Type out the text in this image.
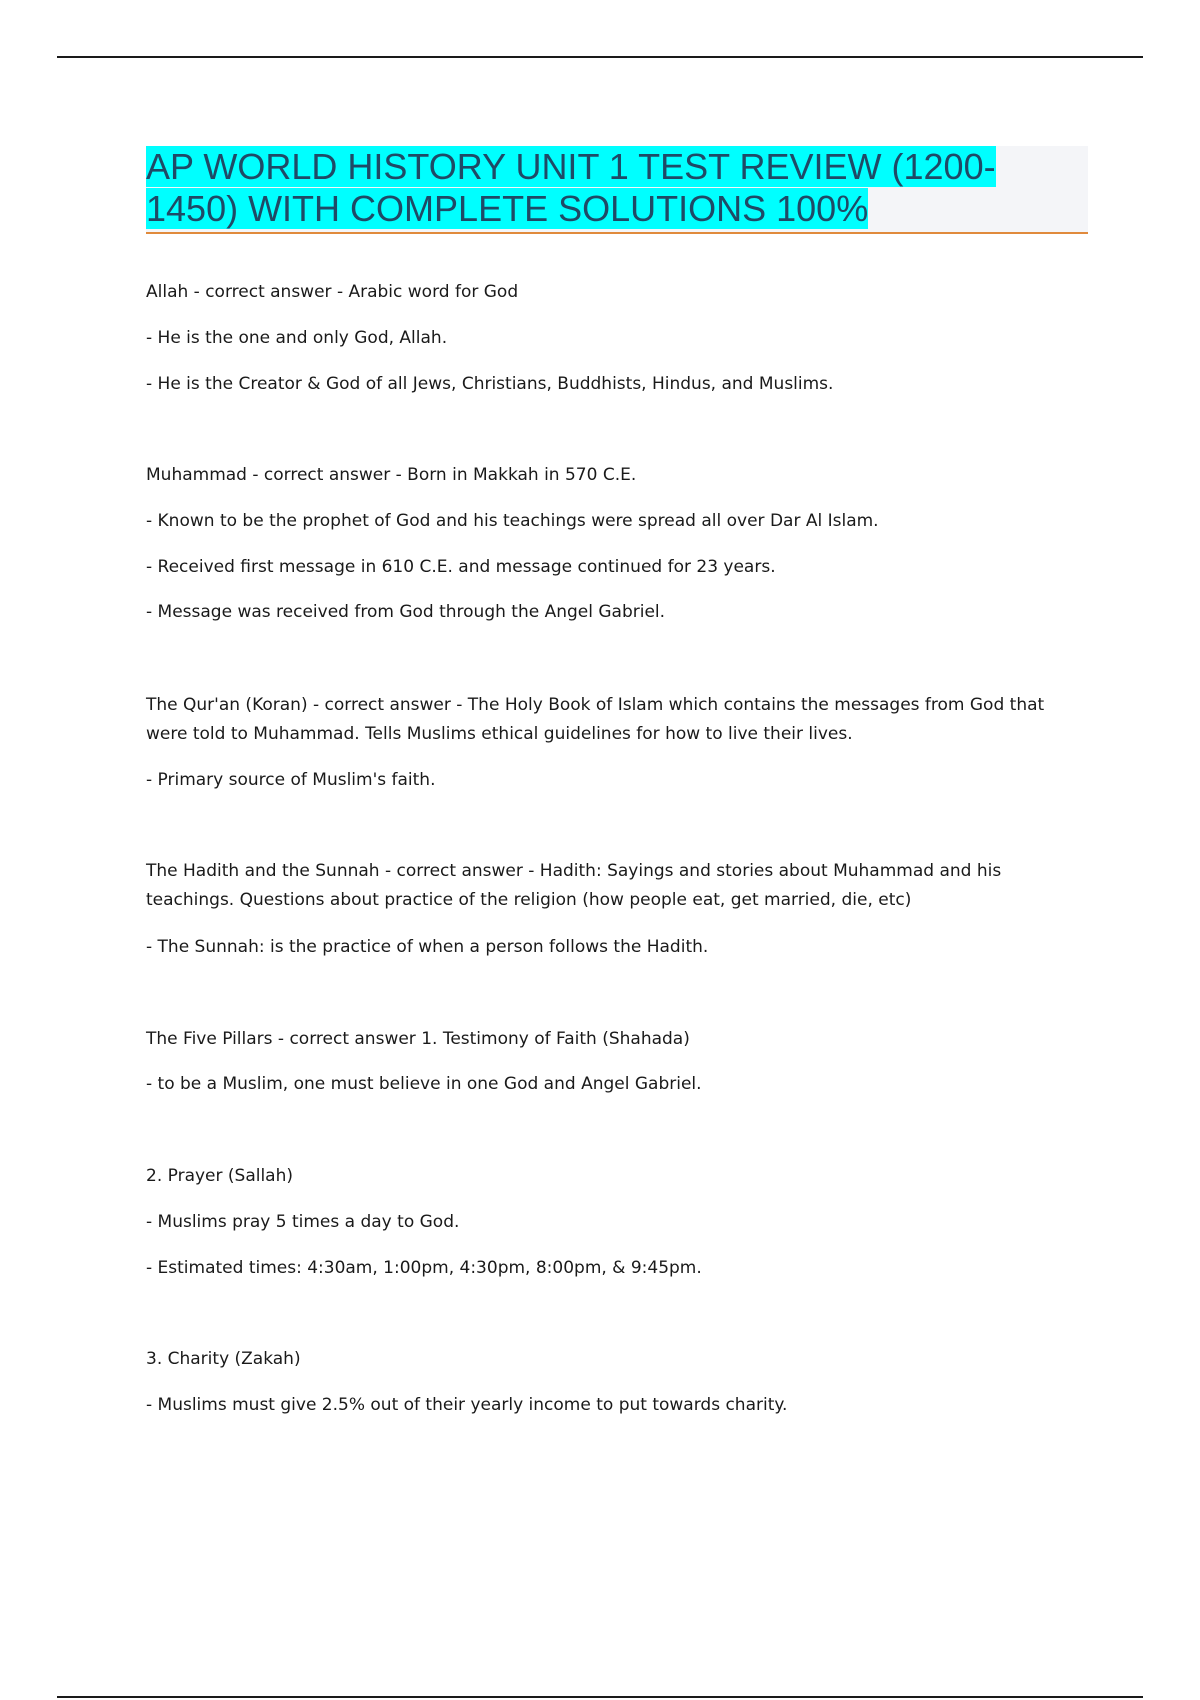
AP WORLD HISTORY UNIT 1 TEST REVIEW (1200-1450) WITH COMPLETE SOLUTIONS 100%
Allah - correct answer - Arabic word for God
- He is the one and only God, Allah.
- He is the Creator & God of all Jews, Christians, Buddhists, Hindus, and Muslims.
Muhammad - correct answer - Born in Makkah in 570 C.E.
- Known to be the prophet of God and his teachings were spread all over Dar Al Islam.
- Received first message in 610 C.E. and message continued for 23 years.
- Message was received from God through the Angel Gabriel.
The Qur'an (Koran) - correct answer - The Holy Book of Islam which contains the messages from God that were told to Muhammad. Tells Muslims ethical guidelines for how to live their lives.
- Primary source of Muslim's faith.
The Hadith and the Sunnah - correct answer - Hadith: Sayings and stories about Muhammad and his teachings. Questions about practice of the religion (how people eat, get married, die, etc)
- The Sunnah: is the practice of when a person follows the Hadith.
The Five Pillars - correct answer 1. Testimony of Faith (Shahada)
- to be a Muslim, one must believe in one God and Angel Gabriel.
2. Prayer (Sallah)
- Muslims pray 5 times a day to God.
- Estimated times: 4:30am, 1:00pm, 4:30pm, 8:00pm, & 9:45pm.
3. Charity (Zakah)
- Muslims must give 2.5% out of their yearly income to put towards charity.
